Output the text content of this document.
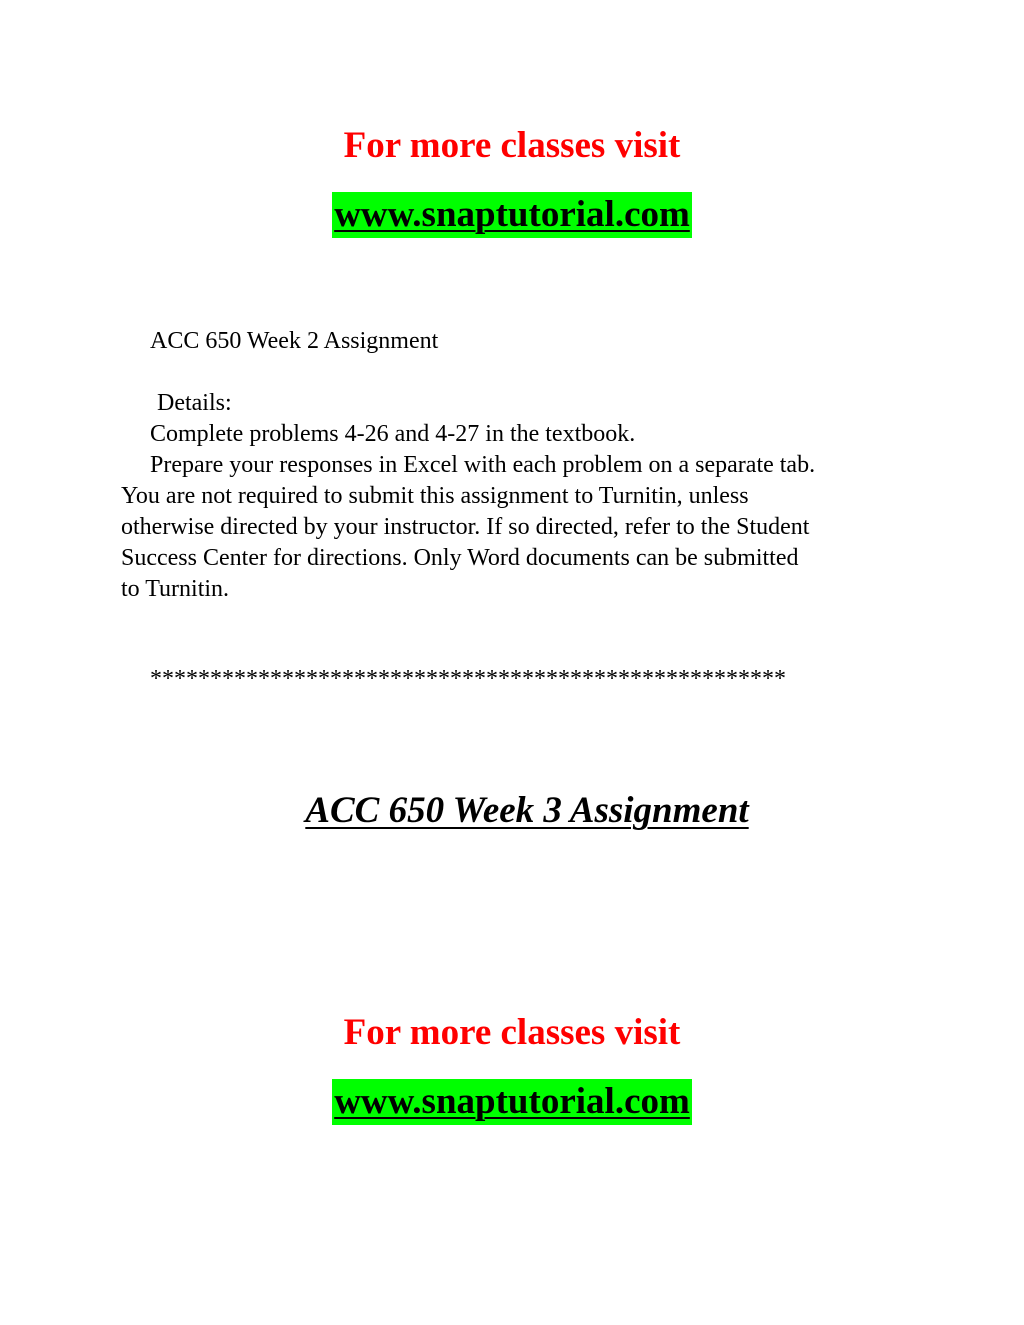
For more classes visit
www.snaptutorial.com

ACC 650 Week 2 Assignment

Details:

Complete problems 4-26 and 4-27 in the textbook.

Prepare your responses in Excel with each problem on a separate tab.

You are not required to submit this assignment to Turnitin, unless

otherwise directed by your instructor. If so directed, refer to the Student

Success Center for directions. Only Word documents can be submitted

to Turnitin.

*****************************************************

ACC 650 Week 3 Assignment
For more classes visit
www.snaptutorial.com
